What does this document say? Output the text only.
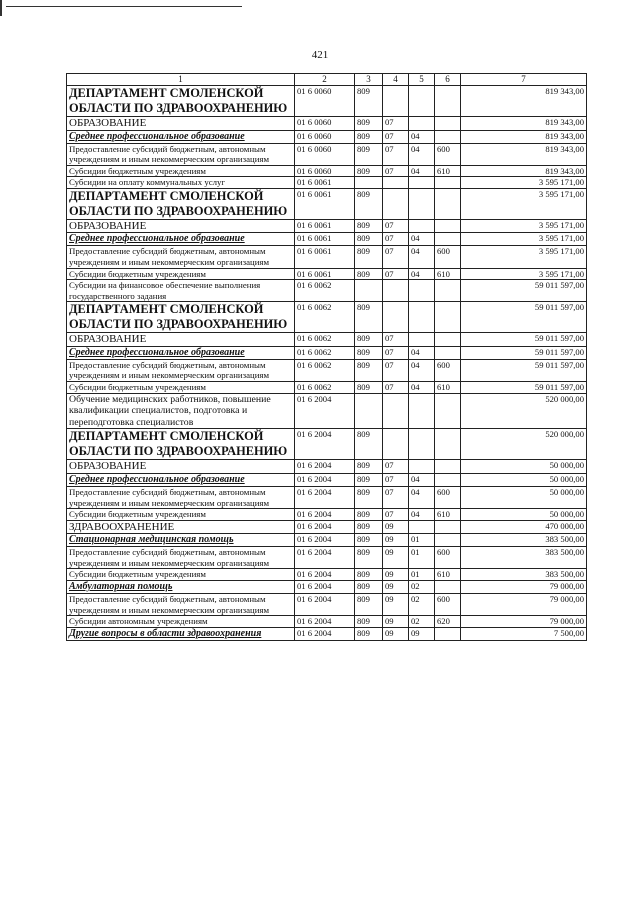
421
1	2	3	4	5	6	7
ДЕПАРТАМЕНТ СМОЛЕНСКОЙ ОБЛАСТИ ПО ЗДРАВООХРАНЕНИЮ	01 6 0060	809				819 343,00
ОБРАЗОВАНИЕ	01 6 0060	809	07			819 343,00
Среднее профессиональное образование	01 6 0060	809	07	04		819 343,00
Предоставление субсидий бюджетным, автономным учреждениям и иным некоммерческим организациям	01 6 0060	809	07	04	600	819 343,00
Субсидии бюджетным учреждениям	01 6 0060	809	07	04	610	819 343,00
Субсидии на оплату коммунальных услуг	01 6 0061					3 595 171,00
ДЕПАРТАМЕНТ СМОЛЕНСКОЙ ОБЛАСТИ ПО ЗДРАВООХРАНЕНИЮ	01 6 0061	809				3 595 171,00
ОБРАЗОВАНИЕ	01 6 0061	809	07			3 595 171,00
Среднее профессиональное образование	01 6 0061	809	07	04		3 595 171,00
Предоставление субсидий бюджетным, автономным учреждениям и иным некоммерческим организациям	01 6 0061	809	07	04	600	3 595 171,00
Субсидии бюджетным учреждениям	01 6 0061	809	07	04	610	3 595 171,00
Субсидии на финансовое обеспечение выполнения государственного задания	01 6 0062					59 011 597,00
ДЕПАРТАМЕНТ СМОЛЕНСКОЙ ОБЛАСТИ ПО ЗДРАВООХРАНЕНИЮ	01 6 0062	809				59 011 597,00
ОБРАЗОВАНИЕ	01 6 0062	809	07			59 011 597,00
Среднее профессиональное образование	01 6 0062	809	07	04		59 011 597,00
Предоставление субсидий бюджетным, автономным учреждениям и иным некоммерческим организациям	01 6 0062	809	07	04	600	59 011 597,00
Субсидии бюджетным учреждениям	01 6 0062	809	07	04	610	59 011 597,00
Обучение медицинских работников, повышение квалификации специалистов, подготовка и переподготовка специалистов	01 6 2004					520 000,00
ДЕПАРТАМЕНТ СМОЛЕНСКОЙ ОБЛАСТИ ПО ЗДРАВООХРАНЕНИЮ	01 6 2004	809				520 000,00
ОБРАЗОВАНИЕ	01 6 2004	809	07			50 000,00
Среднее профессиональное образование	01 6 2004	809	07	04		50 000,00
Предоставление субсидий бюджетным, автономным учреждениям и иным некоммерческим организациям	01 6 2004	809	07	04	600	50 000,00
Субсидии бюджетным учреждениям	01 6 2004	809	07	04	610	50 000,00
ЗДРАВООХРАНЕНИЕ	01 6 2004	809	09			470 000,00
Стационарная медицинская помощь	01 6 2004	809	09	01		383 500,00
Предоставление субсидий бюджетным, автономным учреждениям и иным некоммерческим организациям	01 6 2004	809	09	01	600	383 500,00
Субсидии бюджетным учреждениям	01 6 2004	809	09	01	610	383 500,00
Амбулаторная помощь	01 6 2004	809	09	02		79 000,00
Предоставление субсидий бюджетным, автономным учреждениям и иным некоммерческим организациям	01 6 2004	809	09	02	600	79 000,00
Субсидии автономным учреждениям	01 6 2004	809	09	02	620	79 000,00
Другие вопросы в области здравоохранения	01 6 2004	809	09	09		7 500,00
